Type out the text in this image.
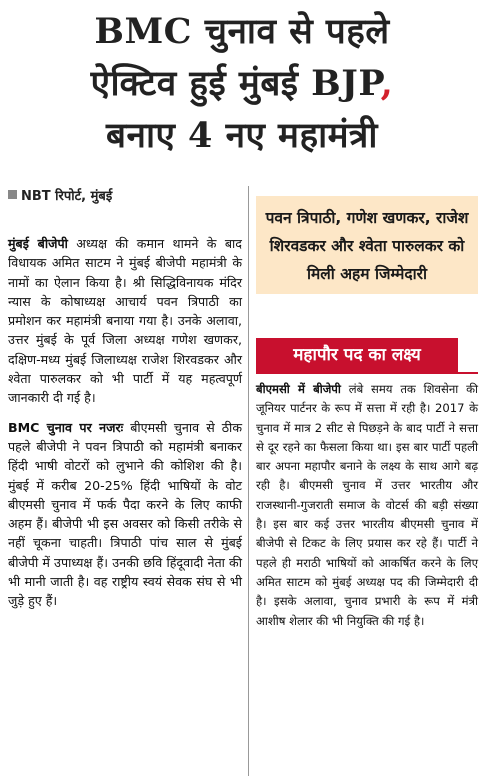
BMC चुनाव से पहले
ऐक्टिव हुई मुंबई BJP,
बनाए 4 नए महामंत्री
NBT रिपोर्ट, मुंबई

मुंबई बीजेपी अध्यक्ष की कमान थामने के बाद विधायक अमित साटम ने मुंबई बीजेपी महामंत्री के नामों का ऐलान किया है। श्री सिद्धिविनायक मंदिर न्यास के कोषाध्यक्ष आचार्य पवन त्रिपाठी का प्रमोशन कर महामंत्री बनाया गया है। उनके अलावा, उत्तर मुंबई के पूर्व जिला अध्यक्ष गणेश खणकर, दक्षिण-मध्य मुंबई जिलाध्यक्ष राजेश शिरवडकर और श्वेता पारुलकर को भी पार्टी में यह महत्वपूर्ण जानकारी दी गई है।

BMC चुनाव पर नजरः बीएमसी चुनाव से ठीक पहले बीजेपी ने पवन त्रिपाठी को महामंत्री बनाकर हिंदी भाषी वोटरों को लुभाने की कोशिश की है। मुंबई में करीब 20-25% हिंदी भाषियों के वोट बीएमसी चुनाव में फर्क पैदा करने के लिए काफी अहम हैं। बीजेपी भी इस अवसर को किसी तरीके से नहीं चूकना चाहती। त्रिपाठी पांच साल से मुंबई बीजेपी में उपाध्यक्ष हैं। उनकी छवि हिंदूवादी नेता की भी मानी जाती है। वह राष्ट्रीय स्वयं सेवक संघ से भी जुड़े हुए हैं।

पवन त्रिपाठी, गणेश खणकर, राजेश शिरवडकर और श्वेता पारुलकर को मिली अहम जिम्मेदारी
महापौर पद का लक्ष्य
बीएमसी में बीजेपी लंबे समय तक शिवसेना की जूनियर पार्टनर के रूप में सत्ता में रही है। 2017 के चुनाव में मात्र 2 सीट से पिछड़ने के बाद पार्टी ने सत्ता से दूर रहने का फैसला किया था। इस बार पार्टी पहली बार अपना महापौर बनाने के लक्ष्य के साथ आगे बढ़ रही है। बीएमसी चुनाव में उत्तर भारतीय और राजस्थानी-गुजराती समाज के वोटर्स की बड़ी संख्या है। इस बार कई उत्तर भारतीय बीएमसी चुनाव में बीजेपी से टिकट के लिए प्रयास कर रहे हैं। पार्टी ने पहले ही मराठी भाषियों को आकर्षित करने के लिए अमित साटम को मुंबई अध्यक्ष पद की जिम्मेदारी दी है। इसके अलावा, चुनाव प्रभारी के रूप में मंत्री आशीष शेलार की भी नियुक्ति की गई है।
